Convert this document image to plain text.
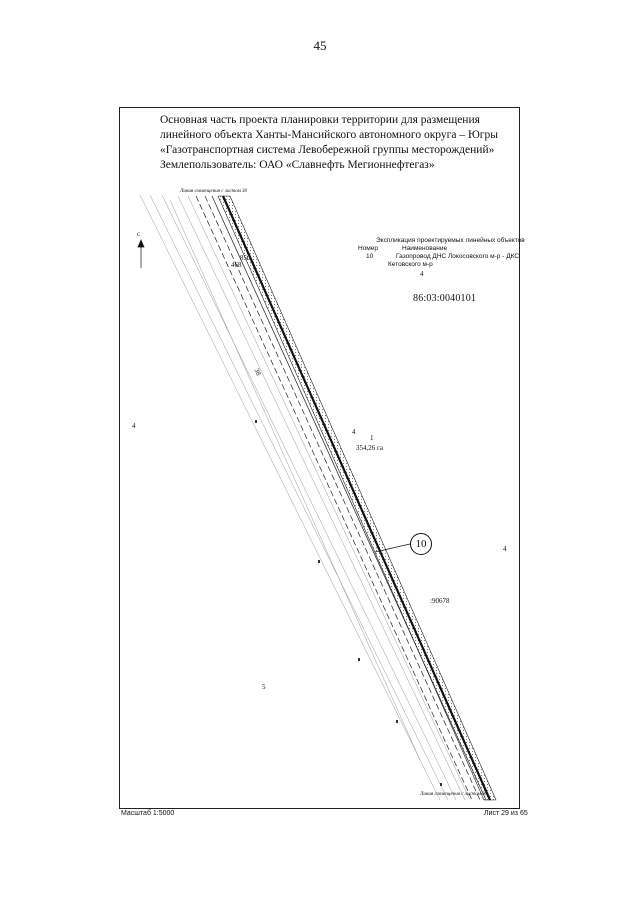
45
Основная часть проекта планировки территории для размещения
линейного объекта Ханты-Мансийского автономного округа – Югры
«Газотранспортная система Левобережной группы месторождений»
Землепользователь: ОАО «Славнефть Мегионнефтегаз»
С
Линия совмещения с листом 30
Линия совмещения с листом 30
Экспликация проектируемых линейных объектов
Номер	Наименование
10	Газопровод ДНС Локосовского м-р - ДКС
Кетовского м-р
86:03:0040101
4
4
4
1
354,26 га
5
4
:90678
850
468
38
10
Масштаб 1:5000	Лист 29 из 65
